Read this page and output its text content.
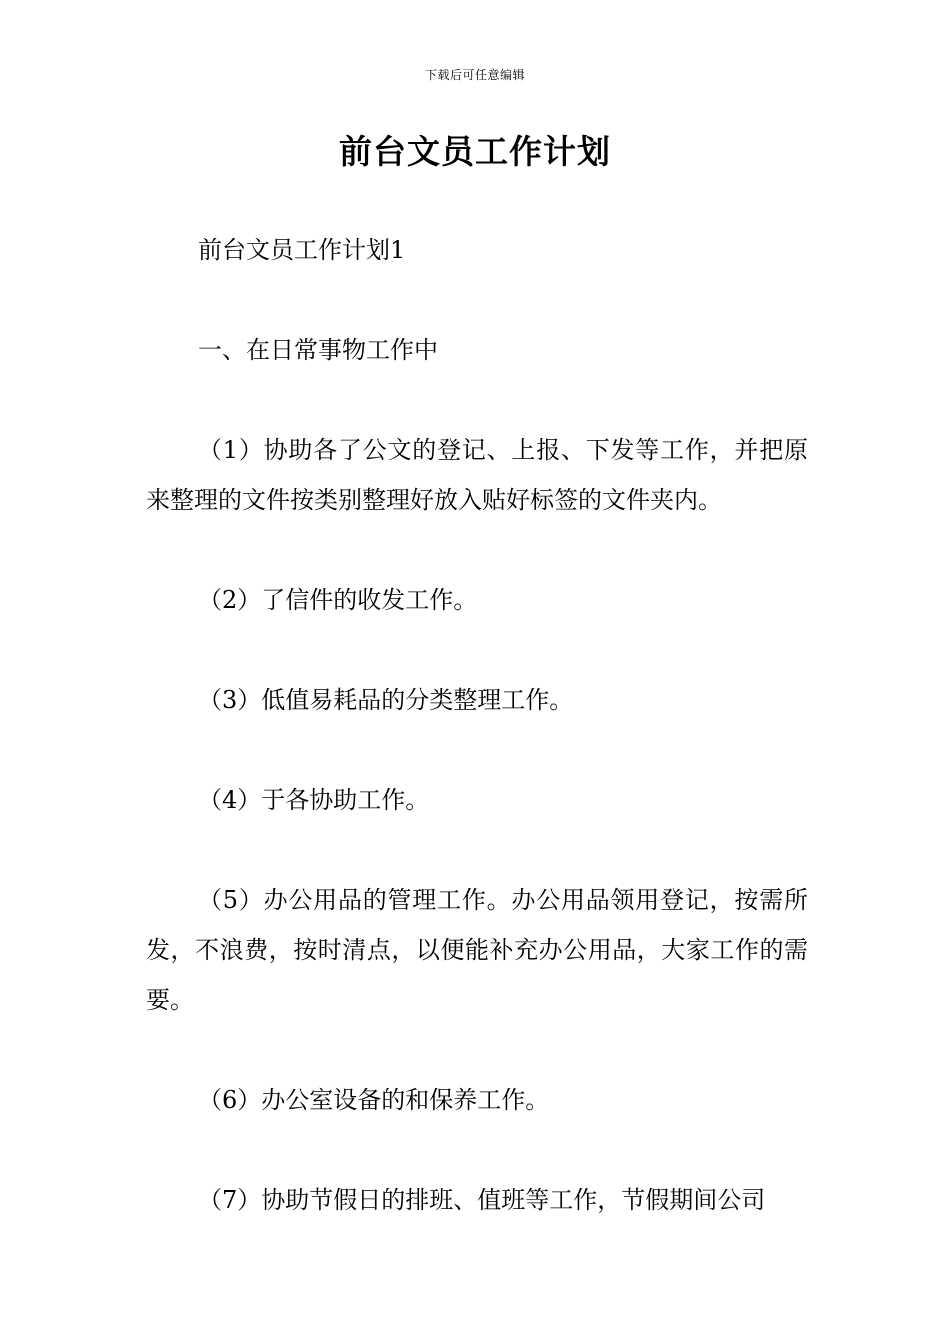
下载后可任意编辑
前台文员工作计划

前台文员工作计划1

一、在日常事物工作中

（1）协助各了公文的登记、上报、下发等工作，并把原来整理的文件按类别整理好放入贴好标签的文件夹内。

（2）了信件的收发工作。

（3）低值易耗品的分类整理工作。

（4）于各协助工作。

（5）办公用品的管理工作。办公用品领用登记，按需所发，不浪费，按时清点，以便能补充办公用品，大家工作的需要。

（6）办公室设备的和保养工作。

（7）协助节假日的排班、值班等工作，节假期间公司
